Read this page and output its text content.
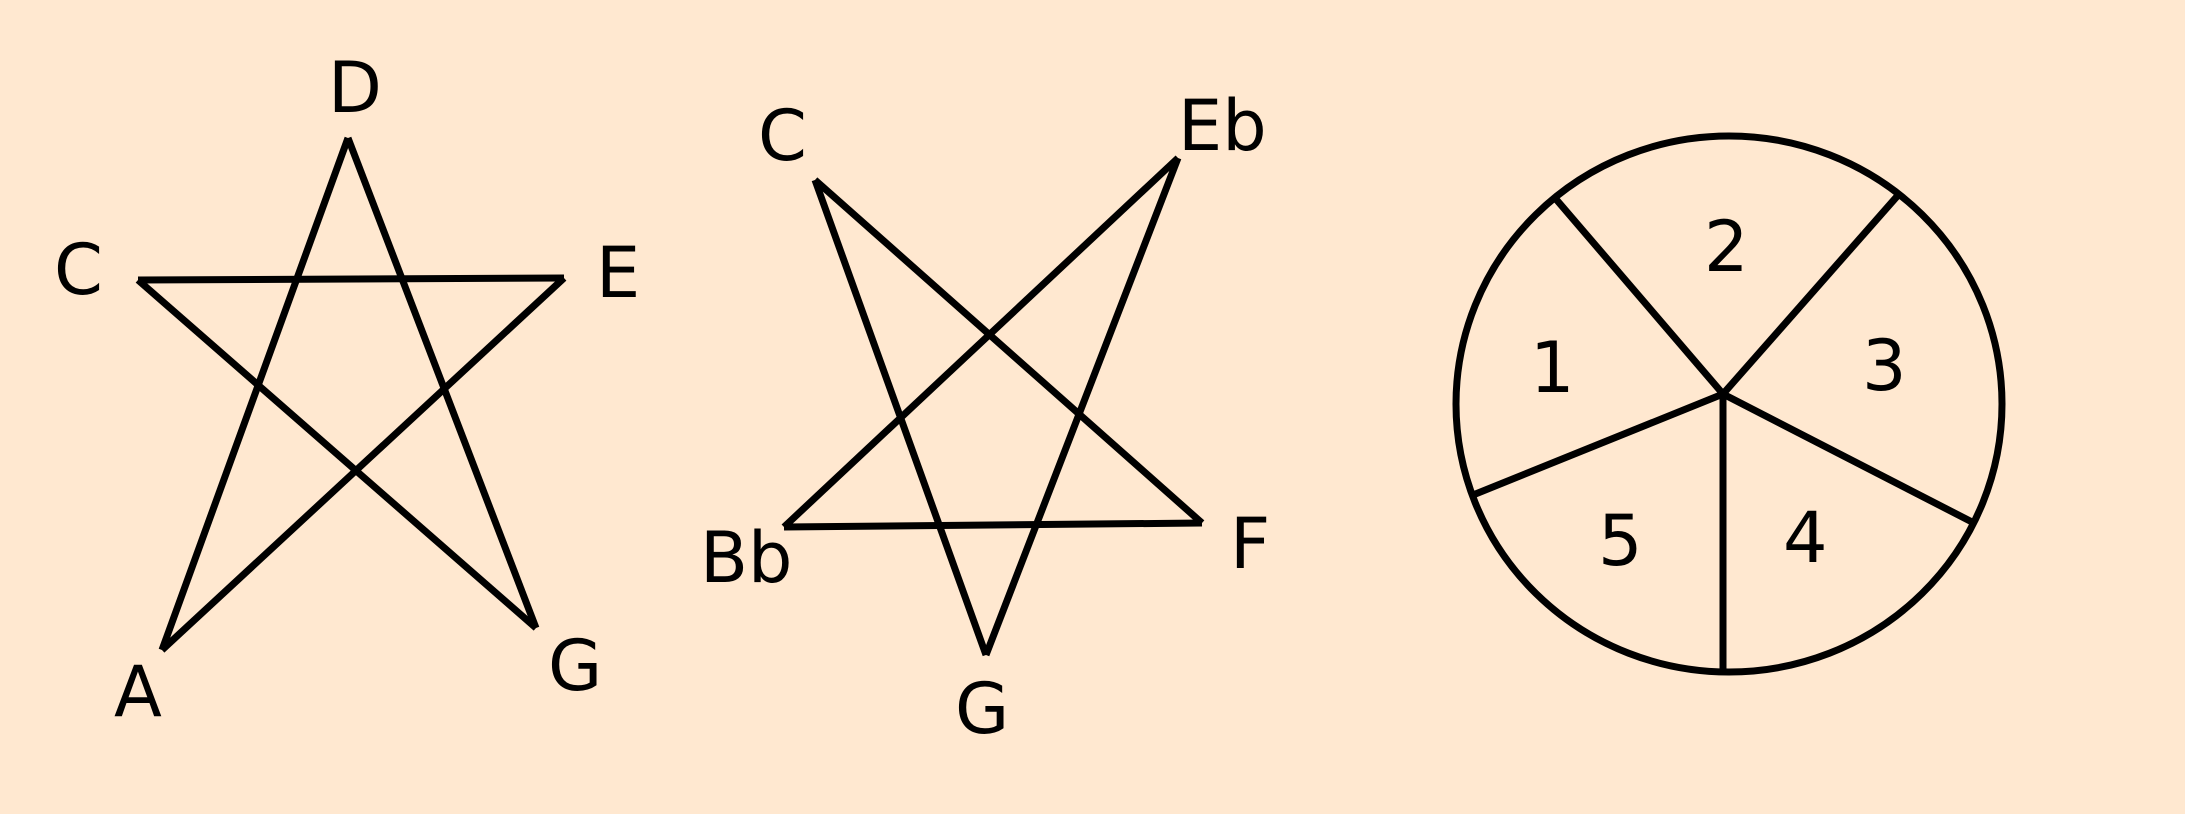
D
C	E
A	G
C	Eb
Bb	F
G
1
2
3
4
5
